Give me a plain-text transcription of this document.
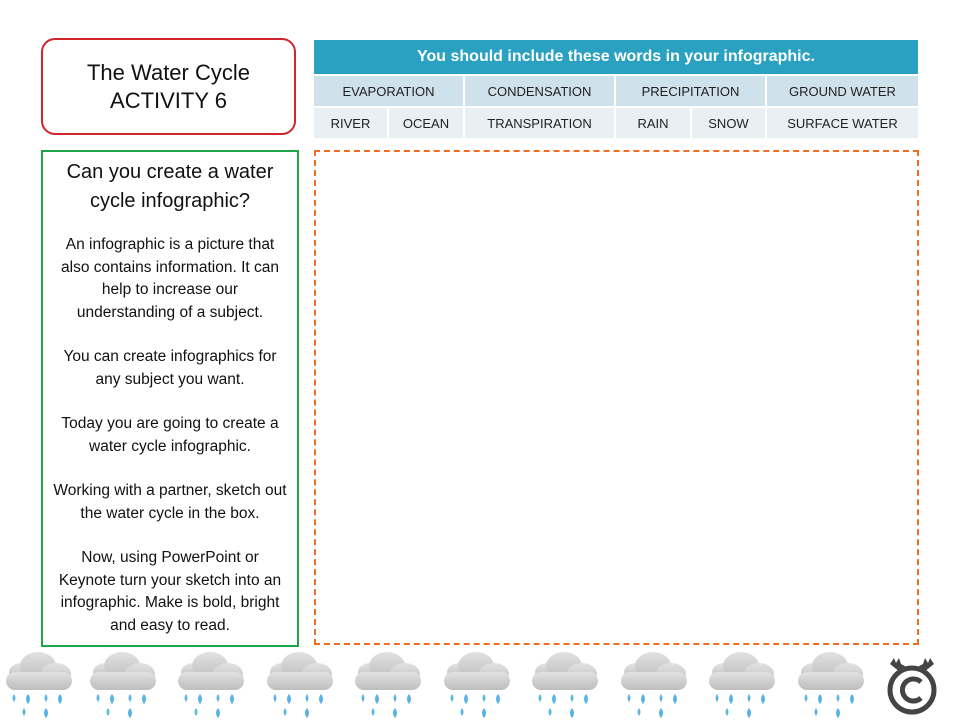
The Water Cycle
ACTIVITY 6
You should include these words in your infographic.
EVAPORATION	CONDENSATION	PRECIPITATION	GROUND WATER
RIVER	OCEAN	TRANSPIRATION	RAIN	SNOW	SURFACE WATER

Can you create a water cycle infographic?

An infographic is a picture that also contains information. It can help to increase our understanding of a subject.

You can create infographics for any subject you want.

Today you are going to create a water cycle infographic.

Working with a partner, sketch out the water cycle in the box.

Now, using PowerPoint or Keynote turn your sketch into an infographic. Make is bold, bright and easy to read.
